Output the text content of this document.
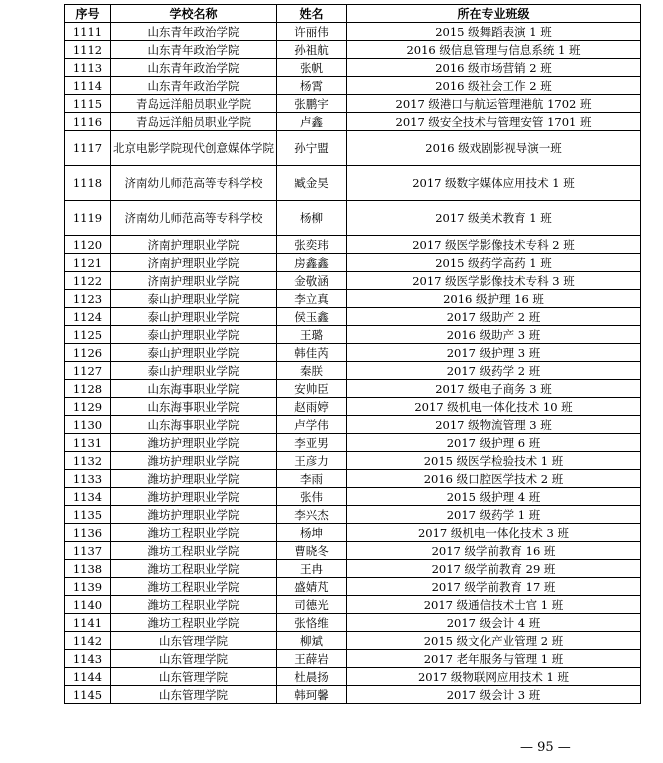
序号	学校名称	姓名	所在专业班级
1111	山东青年政治学院	许丽伟	2015 级舞蹈表演 1 班
1112	山东青年政治学院	孙祖航	2016 级信息管理与信息系统 1 班
1113	山东青年政治学院	张帆	2016 级市场营销 2 班
1114	山东青年政治学院	杨霄	2016 级社会工作 2 班
1115	青岛远洋船员职业学院	张鹏宇	2017 级港口与航运管理港航 1702 班
1116	青岛远洋船员职业学院	卢鑫	2017 级安全技术与管理安管 1701 班
1117	北京电影学院现代创意媒体学院	孙宁盟	2016 级戏剧影视导演一班
1118	济南幼儿师范高等专科学校	臧金昊	2017 级数字媒体应用技术 1 班
1119	济南幼儿师范高等专科学校	杨柳	2017 级美术教育 1 班
1120	济南护理职业学院	张奕玮	2017 级医学影像技术专科 2 班
1121	济南护理职业学院	房鑫鑫	2015 级药学高药 1 班
1122	济南护理职业学院	金敬涵	2017 级医学影像技术专科 3 班
1123	泰山护理职业学院	李立真	2016 级护理 16 班
1124	泰山护理职业学院	侯玉鑫	2017 级助产 2 班
1125	泰山护理职业学院	王璐	2016 级助产 3 班
1126	泰山护理职业学院	韩佳芮	2017 级护理 3 班
1127	泰山护理职业学院	秦朕	2017 级药学 2 班
1128	山东海事职业学院	安帅臣	2017 级电子商务 3 班
1129	山东海事职业学院	赵雨婷	2017 级机电一体化技术 10 班
1130	山东海事职业学院	卢学伟	2017 级物流管理 3 班
1131	潍坊护理职业学院	李亚男	2017 级护理 6 班
1132	潍坊护理职业学院	王彦力	2015 级医学检验技术 1 班
1133	潍坊护理职业学院	李雨	2016 级口腔医学技术 2 班
1134	潍坊护理职业学院	张伟	2015 级护理 4 班
1135	潍坊护理职业学院	李兴杰	2017 级药学 1 班
1136	潍坊工程职业学院	杨坤	2017 级机电一体化技术 3 班
1137	潍坊工程职业学院	曹晓冬	2017 级学前教育 16 班
1138	潍坊工程职业学院	王冉	2017 级学前教育 29 班
1139	潍坊工程职业学院	盛婧芃	2017 级学前教育 17 班
1140	潍坊工程职业学院	司德光	2017 级通信技术士官 1 班
1141	潍坊工程职业学院	张恪维	2017 级会计 4 班
1142	山东管理学院	柳斌	2015 级文化产业管理 2 班
1143	山东管理学院	王薛岩	2017 老年服务与管理 1 班
1144	山东管理学院	杜晨扬	2017 级物联网应用技术 1 班
1145	山东管理学院	韩珂馨	2017 级会计 3 班
— 95 —
